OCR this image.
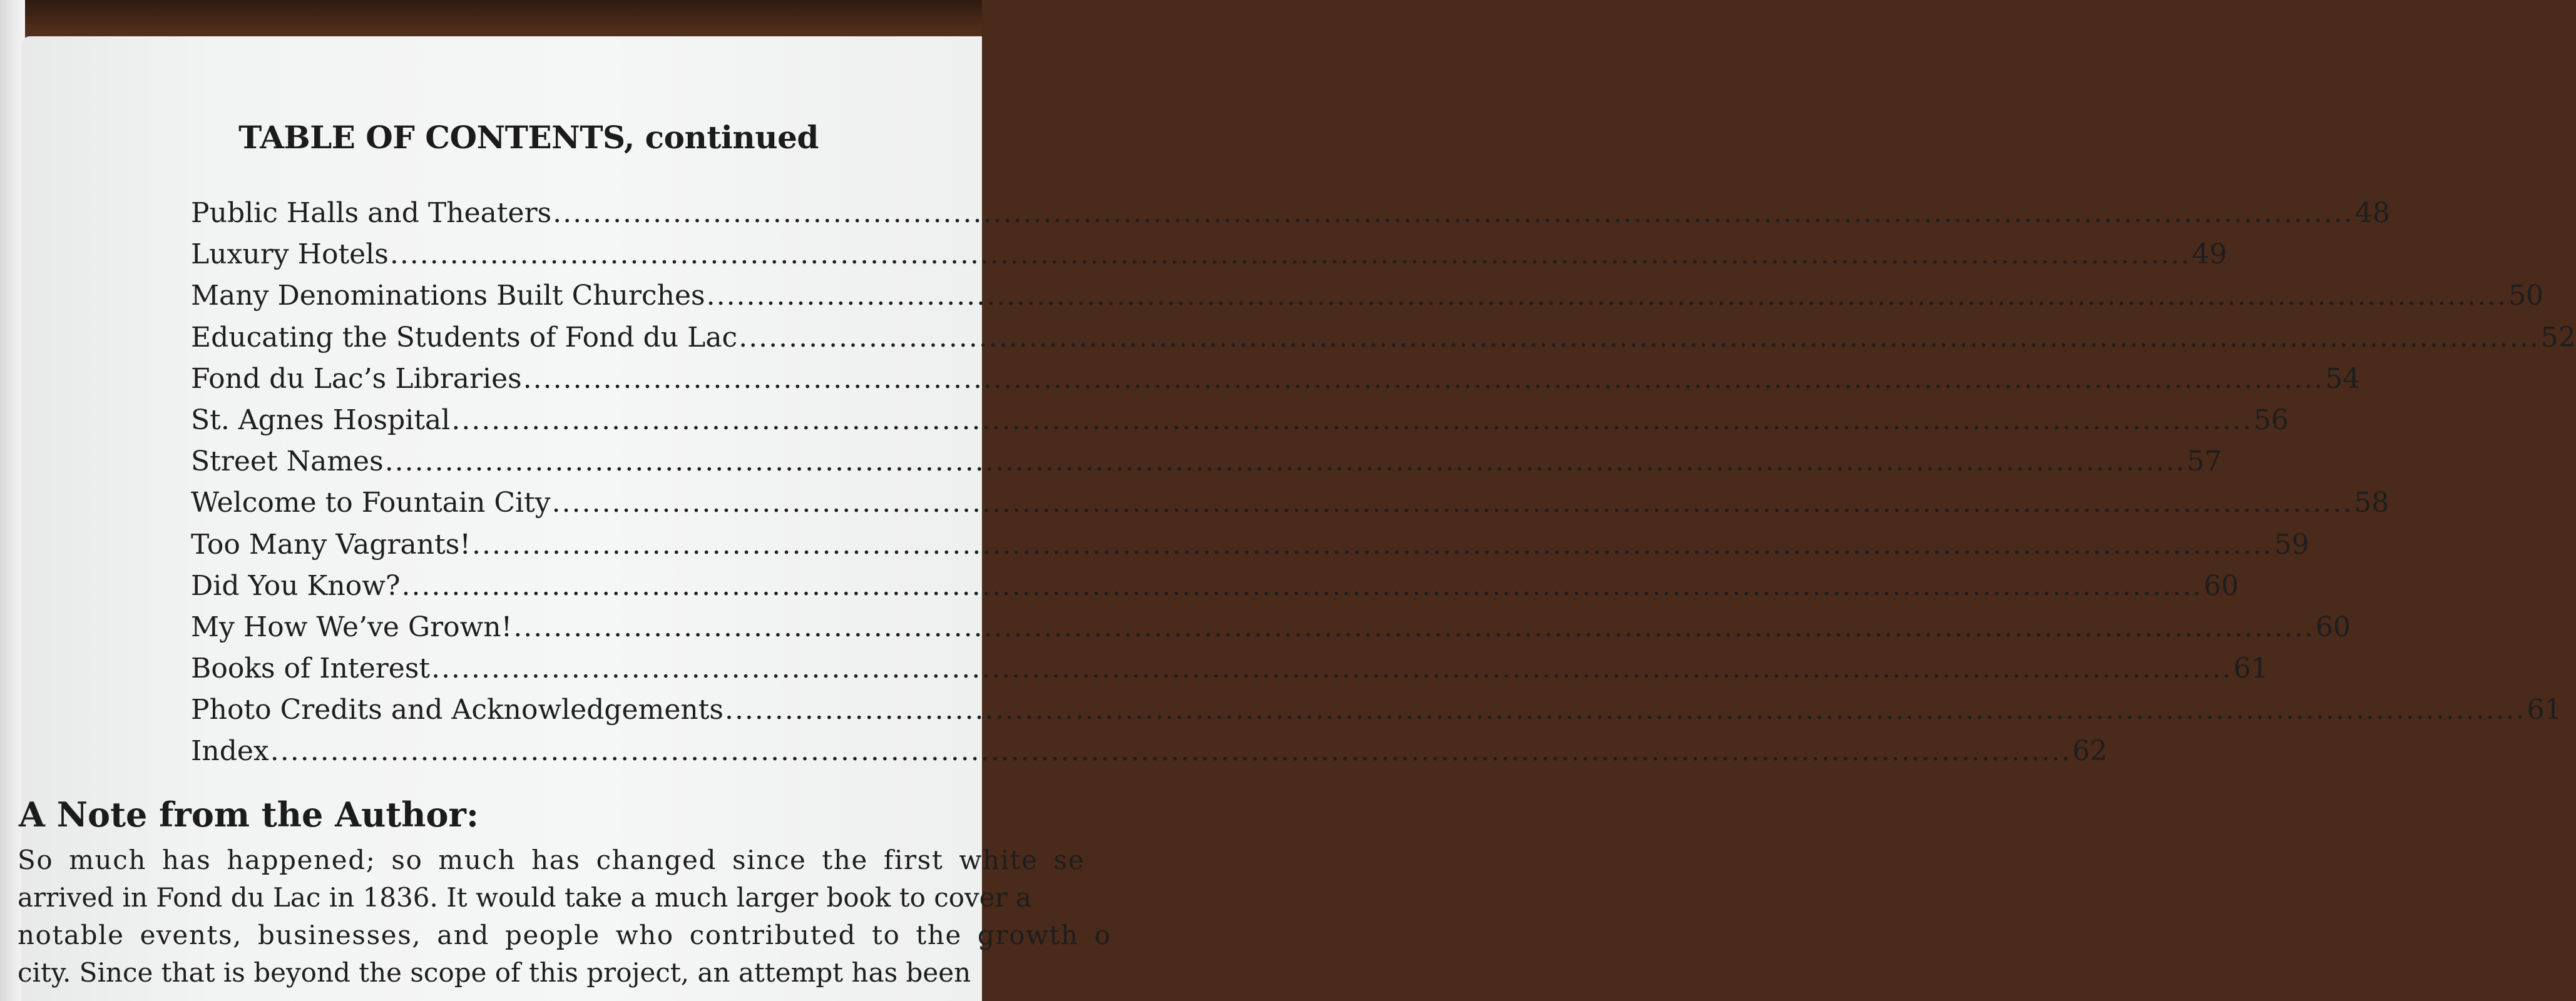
TABLE OF CONTENTS, continued
Public Halls and Theaters .....	48
Luxury Hotels .....	49
Many Denominations Built Churches .....	50
Educating the Students of Fond du Lac .....	52
Fond du Lac’s Libraries .....	54
St. Agnes Hospital .....	56
Street Names .....	57
Welcome to Fountain City .....	58
Too Many Vagrants! .....	59
Did You Know? .....	60
My How We’ve Grown! .....	60
Books of Interest .....	61
Photo Credits and Acknowledgements .....	61
Index .....	62
A Note from the Author:
So much has happened; so much has changed since the first white se
arrived in Fond du Lac in 1836. It would take a much larger book to cover a
notable events, businesses, and people who contributed to the growth o
city. Since that is beyond the scope of this project, an attempt has been
